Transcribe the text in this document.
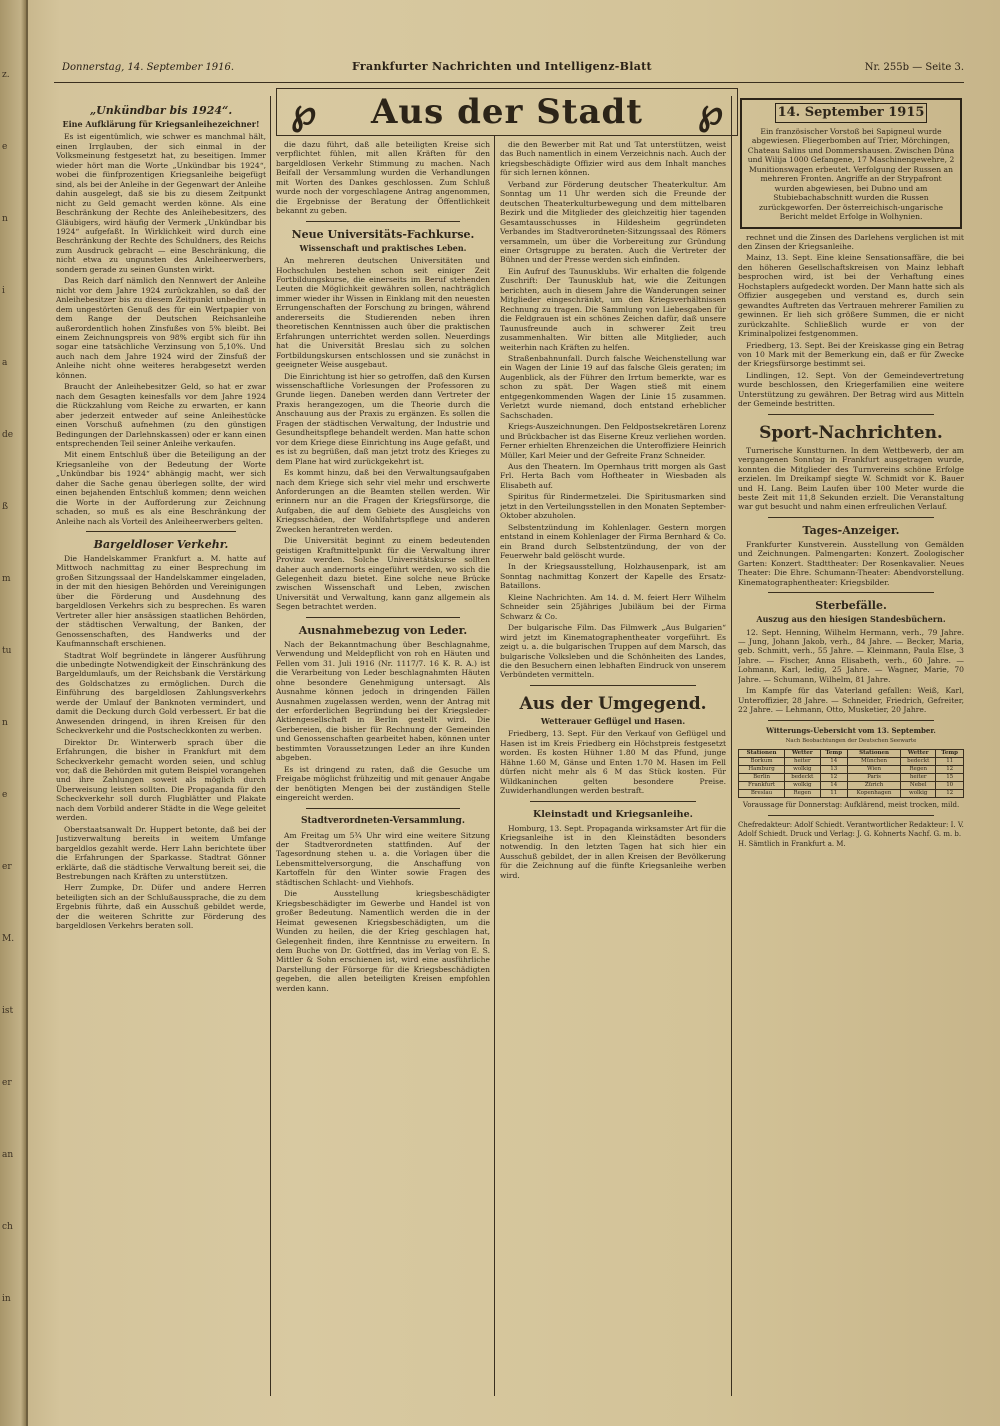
z.
e
n
i
a
de
ß
m
tu
n
e
er
M.
ist
er
an
ch
in
Donnerstag, 14. September 1916.	Frankfurter Nachrichten und Intelligenz-Blatt	Nr. 255b — Seite 3.
℘ Aus der Stadt ℘
„Unkündbar bis 1924“.
Eine Aufklärung für Kriegsanleihezeichner!

Es ist eigentümlich, wie schwer es manchmal hält, einen Irrglauben, der sich einmal in der Volksmeinung festgesetzt hat, zu beseitigen. Immer wieder hört man die Worte „Unkündbar bis 1924“, wobei die fünfprozentigen Kriegsanleihe beigefügt sind, als bei der Anleihe in der Gegenwart der Anleihe dahin ausgelegt, daß sie bis zu diesem Zeitpunkt nicht zu Geld gemacht werden könne. Als eine Beschränkung der Rechte des Anleihebesitzers, des Gläubigers, wird häufig der Vermerk „Unkündbar bis 1924“ aufgefaßt. In Wirklichkeit wird durch eine Beschränkung der Rechte des Schuldners, des Reichs zum Ausdruck gebracht — eine Beschränkung, die nicht etwa zu ungunsten des Anleiheerwerbers, sondern gerade zu seinen Gunsten wirkt.

Das Reich darf nämlich den Nennwert der Anleihe nicht vor dem Jahre 1924 zurückzahlen, so daß der Anleihebesitzer bis zu diesem Zeitpunkt unbedingt in dem ungestörten Genuß des für ein Wertpapier von dem Range der Deutschen Reichsanleihe außerordentlich hohen Zinsfußes von 5% bleibt. Bei einem Zeichnungspreis von 98% ergibt sich für ihn sogar eine tatsächliche Verzinsung von 5,10%. Und auch nach dem Jahre 1924 wird der Zinsfuß der Anleihe nicht ohne weiteres herabgesetzt werden können.

Braucht der Anleihebesitzer Geld, so hat er zwar nach dem Gesagten keinesfalls vor dem Jahre 1924 die Rückzahlung vom Reiche zu erwarten, er kann aber jederzeit entweder auf seine Anleihestücke einen Vorschuß aufnehmen (zu den günstigen Bedingungen der Darlehnskassen) oder er kann einen entsprechenden Teil seiner Anleihe verkaufen.

Mit einem Entschluß über die Beteiligung an der Kriegsanleihe von der Bedeutung der Worte „Unkündbar bis 1924“ abhängig macht, wer sich daher die Sache genau überlegen sollte, der wird einen bejahenden Entschluß kommen; denn weichen die Worte in der Aufforderung zur Zeichnung schaden, so muß es als eine Beschränkung der Anleihe nach als Vorteil des Anleiheerwerbers gelten.

Bargeldloser Verkehr.

Die Handelskammer Frankfurt a. M. hatte auf Mittwoch nachmittag zu einer Besprechung im großen Sitzungssaal der Handelskammer eingeladen, in der mit den hiesigen Behörden und Vereinigungen über die Förderung und Ausdehnung des bargeldlosen Verkehrs sich zu besprechen. Es waren Vertreter aller hier ansässigen staatlichen Behörden, der städtischen Verwaltung, der Banken, der Genossenschaften, des Handwerks und der Kaufmannschaft erschienen.

Stadtrat Wolf begründete in längerer Ausführung die unbedingte Notwendigkeit der Einschränkung des Bargeldumlaufs, um der Reichsbank die Verstärkung des Goldschatzes zu ermöglichen. Durch die Einführung des bargeldlosen Zahlungsverkehrs werde der Umlauf der Banknoten vermindert, und damit die Deckung durch Gold verbessert. Er bat die Anwesenden dringend, in ihren Kreisen für den Scheckverkehr und die Postscheckkonten zu werben.

Direktor Dr. Winterwerb sprach über die Erfahrungen, die bisher in Frankfurt mit dem Scheckverkehr gemacht worden seien, und schlug vor, daß die Behörden mit gutem Beispiel vorangehen und ihre Zahlungen soweit als möglich durch Überweisung leisten sollten. Die Propaganda für den Scheckverkehr soll durch Flugblätter und Plakate nach dem Vorbild anderer Städte in die Wege geleitet werden.

Oberstaatsanwalt Dr. Huppert betonte, daß bei der Justizverwaltung bereits in weitem Umfange bargeldlos gezahlt werde. Herr Lahn berichtete über die Erfahrungen der Sparkasse. Stadtrat Gönner erklärte, daß die städtische Verwaltung bereit sei, die Bestrebungen nach Kräften zu unterstützen.

Herr Zumpke, Dr. Düfer und andere Herren beteiligten sich an der Schlußaussprache, die zu dem Ergebnis führte, daß ein Ausschuß gebildet werde, der die weiteren Schritte zur Förderung des bargeldlosen Verkehrs beraten soll.

die dazu führt, daß alle beteiligten Kreise sich verpflichtet fühlen, mit allen Kräften für den bargeldlosen Verkehr Stimmung zu machen. Nach Beifall der Versammlung wurden die Verhandlungen mit Worten des Dankes geschlossen. Zum Schluß wurde noch der vorgeschlagene Antrag angenommen, die Ergebnisse der Beratung der Öffentlichkeit bekannt zu geben.

Neue Universitäts-Fachkurse.
Wissenschaft und praktisches Leben.

An mehreren deutschen Universitäten und Hochschulen bestehen schon seit einiger Zeit Fortbildungskurse, die einerseits im Beruf stehenden Leuten die Möglichkeit gewähren sollen, nachträglich immer wieder ihr Wissen in Einklang mit den neuesten Errungenschaften der Forschung zu bringen, während andererseits die Studierenden neben ihren theoretischen Kenntnissen auch über die praktischen Erfahrungen unterrichtet werden sollen. Neuerdings hat die Universität Breslau sich zu solchen Fortbildungskursen entschlossen und sie zunächst in geeigneter Weise ausgebaut.

Die Einrichtung ist hier so getroffen, daß den Kursen wissenschaftliche Vorlesungen der Professoren zu Grunde liegen. Daneben werden dann Vertreter der Praxis herangezogen, um die Theorie durch die Anschauung aus der Praxis zu ergänzen. Es sollen die Fragen der städtischen Verwaltung, der Industrie und Gesundheitspflege behandelt werden. Man hatte schon vor dem Kriege diese Einrichtung ins Auge gefaßt, und es ist zu begrüßen, daß man jetzt trotz des Krieges zu dem Plane hat wird zurückgekehrt ist.

Es kommt hinzu, daß bei den Verwaltungsaufgaben nach dem Kriege sich sehr viel mehr und erschwerte Anforderungen an die Beamten stellen werden. Wir erinnern nur an die Fragen der Kriegsfürsorge, die Aufgaben, die auf dem Gebiete des Ausgleichs von Kriegsschäden, der Wohlfahrtspflege und anderen Zwecken herantreten werden.

Die Universität beginnt zu einem bedeutenden geistigen Kraftmittelpunkt für die Verwaltung ihrer Provinz werden. Solche Universitätskurse sollten daher auch andernorts eingeführt werden, wo sich die Gelegenheit dazu bietet. Eine solche neue Brücke zwischen Wissenschaft und Leben, zwischen Universität und Verwaltung, kann ganz allgemein als Segen betrachtet werden.

Ausnahmebezug von Leder.

Nach der Bekanntmachung über Beschlagnahme, Verwendung und Meldepflicht von roh en Häuten und Fellen vom 31. Juli 1916 (Nr. 1117/7. 16 K. R. A.) ist die Verarbeitung von Leder beschlagnahmten Häuten ohne besondere Genehmigung untersagt. Als Ausnahme können jedoch in dringenden Fällen Ausnahmen zugelassen werden, wenn der Antrag mit der erforderlichen Begründung bei der Kriegsleder-Aktiengesellschaft in Berlin gestellt wird. Die Gerbereien, die bisher für Rechnung der Gemeinden und Genossenschaften gearbeitet haben, können unter bestimmten Voraussetzungen Leder an ihre Kunden abgeben.

Es ist dringend zu raten, daß die Gesuche um Freigabe möglichst frühzeitig und mit genauer Angabe der benötigten Mengen bei der zuständigen Stelle eingereicht werden.

Stadtverordneten-Versammlung.

Am Freitag um 5¾ Uhr wird eine weitere Sitzung der Stadtverordneten stattfinden. Auf der Tagesordnung stehen u. a. die Vorlagen über die Lebensmittelversorgung, die Anschaffung von Kartoffeln für den Winter sowie Fragen des städtischen Schlacht- und Viehhofs.

Die Ausstellung kriegsbeschädigter Kriegsbeschädigter im Gewerbe und Handel ist von großer Bedeutung. Namentlich werden die in der Heimat gewesenen Kriegsbeschädigten, um die Wunden zu heilen, die der Krieg geschlagen hat, Gelegenheit finden, ihre Kenntnisse zu erweitern. In dem Buche von Dr. Gottfried, das im Verlag von E. S. Mittler & Sohn erschienen ist, wird eine ausführliche Darstellung der Fürsorge für die Kriegsbeschädigten gegeben, die allen beteiligten Kreisen empfohlen werden kann.

die den Bewerber mit Rat und Tat unterstützen, weist das Buch namentlich in einem Verzeichnis nach. Auch der kriegsbeschädigte Offizier wird aus dem Inhalt manches für sich lernen können.

Verband zur Förderung deutscher Theaterkultur. Am Sonntag um 11 Uhr werden sich die Freunde der deutschen Theaterkulturbewegung und dem mittelbaren Bezirk und die Mitglieder des gleichzeitig hier tagenden Gesamtausschusses in Hildesheim gegründeten Verbandes im Stadtverordneten-Sitzungssaal des Römers versammeln, um über die Vorbereitung zur Gründung einer Ortsgruppe zu beraten. Auch die Vertreter der Bühnen und der Presse werden sich einfinden.

Ein Aufruf des Taunusklubs. Wir erhalten die folgende Zuschrift: Der Taunusklub hat, wie die Zeitungen berichten, auch in diesem Jahre die Wanderungen seiner Mitglieder eingeschränkt, um den Kriegsverhältnissen Rechnung zu tragen. Die Sammlung von Liebesgaben für die Feldgrauen ist ein schönes Zeichen dafür, daß unsere Taunusfreunde auch in schwerer Zeit treu zusammenhalten. Wir bitten alle Mitglieder, auch weiterhin nach Kräften zu helfen.

Straßenbahnunfall. Durch falsche Weichenstellung war ein Wagen der Linie 19 auf das falsche Gleis geraten; im Augenblick, als der Führer den Irrtum bemerkte, war es schon zu spät. Der Wagen stieß mit einem entgegenkommenden Wagen der Linie 15 zusammen. Verletzt wurde niemand, doch entstand erheblicher Sachschaden.

Kriegs-Auszeichnungen. Den Feldpostsekretären Lorenz und Brückbacher ist das Eiserne Kreuz verliehen worden. Ferner erhielten Ehrenzeichen die Unteroffiziere Heinrich Müller, Karl Meier und der Gefreite Franz Schneider.

Aus den Theatern. Im Opernhaus tritt morgen als Gast Frl. Herta Bach vom Hoftheater in Wiesbaden als Elisabeth auf.

Spiritus für Rindermetzelei. Die Spiritusmarken sind jetzt in den Verteilungsstellen in den Monaten September-Oktober abzuholen.

Selbstentzündung im Kohlenlager. Gestern morgen entstand in einem Kohlenlager der Firma Bernhard & Co. ein Brand durch Selbstentzündung, der von der Feuerwehr bald gelöscht wurde.

In der Kriegsausstellung, Holzhausenpark, ist am Sonntag nachmittag Konzert der Kapelle des Ersatz-Bataillons.

Kleine Nachrichten. Am 14. d. M. feiert Herr Wilhelm Schneider sein 25jähriges Jubiläum bei der Firma Schwarz & Co.

Der bulgarische Film. Das Filmwerk „Aus Bulgarien“ wird jetzt im Kinematographentheater vorgeführt. Es zeigt u. a. die bulgarischen Truppen auf dem Marsch, das bulgarische Volksleben und die Schönheiten des Landes, die den Besuchern einen lebhaften Eindruck von unserem Verbündeten vermitteln.

Aus der Umgegend.
Wetterauer Geflügel und Hasen.

Friedberg, 13. Sept. Für den Verkauf von Geflügel und Hasen ist im Kreis Friedberg ein Höchstpreis festgesetzt worden. Es kosten Hühner 1.80 M das Pfund, junge Hähne 1.60 M, Gänse und Enten 1.70 M. Hasen im Fell dürfen nicht mehr als 6 M das Stück kosten. Für Wildkaninchen gelten besondere Preise. Zuwiderhandlungen werden bestraft.

Kleinstadt und Kriegsanleihe.

Homburg, 13. Sept. Propaganda wirksamster Art für die Kriegsanleihe ist in den Kleinstädten besonders notwendig. In den letzten Tagen hat sich hier ein Ausschuß gebildet, der in allen Kreisen der Bevölkerung für die Zeichnung auf die fünfte Kriegsanleihe werben wird.

14. September 1915

Ein französischer Vorstoß bei Sapigneul wurde abgewiesen. Fliegerbomben auf Trier, Mörchingen, Chateau Salins und Dommershausen. Zwischen Düna und Wilija 1000 Gefangene, 17 Maschinengewehre, 2 Munitionswagen erbeutet. Verfolgung der Russen an mehreren Fronten. Angriffe an der Strypafront wurden abgewiesen, bei Dubno und am Stubiebachabschnitt wurden die Russen zurückgeworfen. Der österreichisch-ungarische Bericht meldet Erfolge in Wolhynien.

rechnet und die Zinsen des Darlehens verglichen ist mit den Zinsen der Kriegsanleihe.

Mainz, 13. Sept. Eine kleine Sensationsaffäre, die bei den höheren Gesellschaftskreisen von Mainz lebhaft besprochen wird, ist bei der Verhaftung eines Hochstaplers aufgedeckt worden. Der Mann hatte sich als Offizier ausgegeben und verstand es, durch sein gewandtes Auftreten das Vertrauen mehrerer Familien zu gewinnen. Er lieh sich größere Summen, die er nicht zurückzahlte. Schließlich wurde er von der Kriminalpolizei festgenommen.

Friedberg, 13. Sept. Bei der Kreiskasse ging ein Betrag von 10 Mark mit der Bemerkung ein, daß er für Zwecke der Kriegsfürsorge bestimmt sei.

Lindlingen, 12. Sept. Von der Gemeindevertretung wurde beschlossen, den Kriegerfamilien eine weitere Unterstützung zu gewähren. Der Betrag wird aus Mitteln der Gemeinde bestritten.

Sport-Nachrichten.

Turnerische Kunstturnen. In dem Wettbewerb, der am vergangenen Sonntag in Frankfurt ausgetragen wurde, konnten die Mitglieder des Turnvereins schöne Erfolge erzielen. Im Dreikampf siegte W. Schmidt vor K. Bauer und H. Lang. Beim Laufen über 100 Meter wurde die beste Zeit mit 11,8 Sekunden erzielt. Die Veranstaltung war gut besucht und nahm einen erfreulichen Verlauf.

Tages-Anzeiger.

Frankfurter Kunstverein. Ausstellung von Gemälden und Zeichnungen. Palmengarten: Konzert. Zoologischer Garten: Konzert. Stadttheater: Der Rosenkavalier. Neues Theater: Die Ehre. Schumann-Theater: Abendvorstellung. Kinematographentheater: Kriegsbilder.

Sterbefälle.
Auszug aus den hiesigen Standesbüchern.

12. Sept. Henning, Wilhelm Hermann, verh., 79 Jahre. — Jung, Johann Jakob, verh., 84 Jahre. — Becker, Maria, geb. Schmitt, verh., 55 Jahre. — Kleinmann, Paula Else, 3 Jahre. — Fischer, Anna Elisabeth, verh., 60 Jahre. — Lohmann, Karl, ledig, 25 Jahre. — Wagner, Marie, 70 Jahre. — Schumann, Wilhelm, 81 Jahre.

Im Kampfe für das Vaterland gefallen: Weiß, Karl, Unteroffizier, 28 Jahre. — Schneider, Friedrich, Gefreiter, 22 Jahre. — Lehmann, Otto, Musketier, 20 Jahre.

Witterungs-Uebersicht vom 13. September.

Nach Beobachtungen der Deutschen Seewarte

Stationen	Wetter	Temp	Stationen	Wetter	Temp
Borkum	heiter	14	München	bedeckt	11
Hamburg	wolkig	13	Wien	Regen	12
Berlin	bedeckt	12	Paris	heiter	15
Frankfurt	wolkig	14	Zürich	Nebel	10
Breslau	Regen	11	Kopenhagen	wolkig	12

Voraussage für Donnerstag: Aufklärend, meist trocken, mild.

Chefredakteur: Adolf Schiedt. Verantwortlicher Redakteur: I. V. Adolf Schiedt. Druck und Verlag: J. G. Kohnerts Nachf. G. m. b. H. Sämtlich in Frankfurt a. M.
